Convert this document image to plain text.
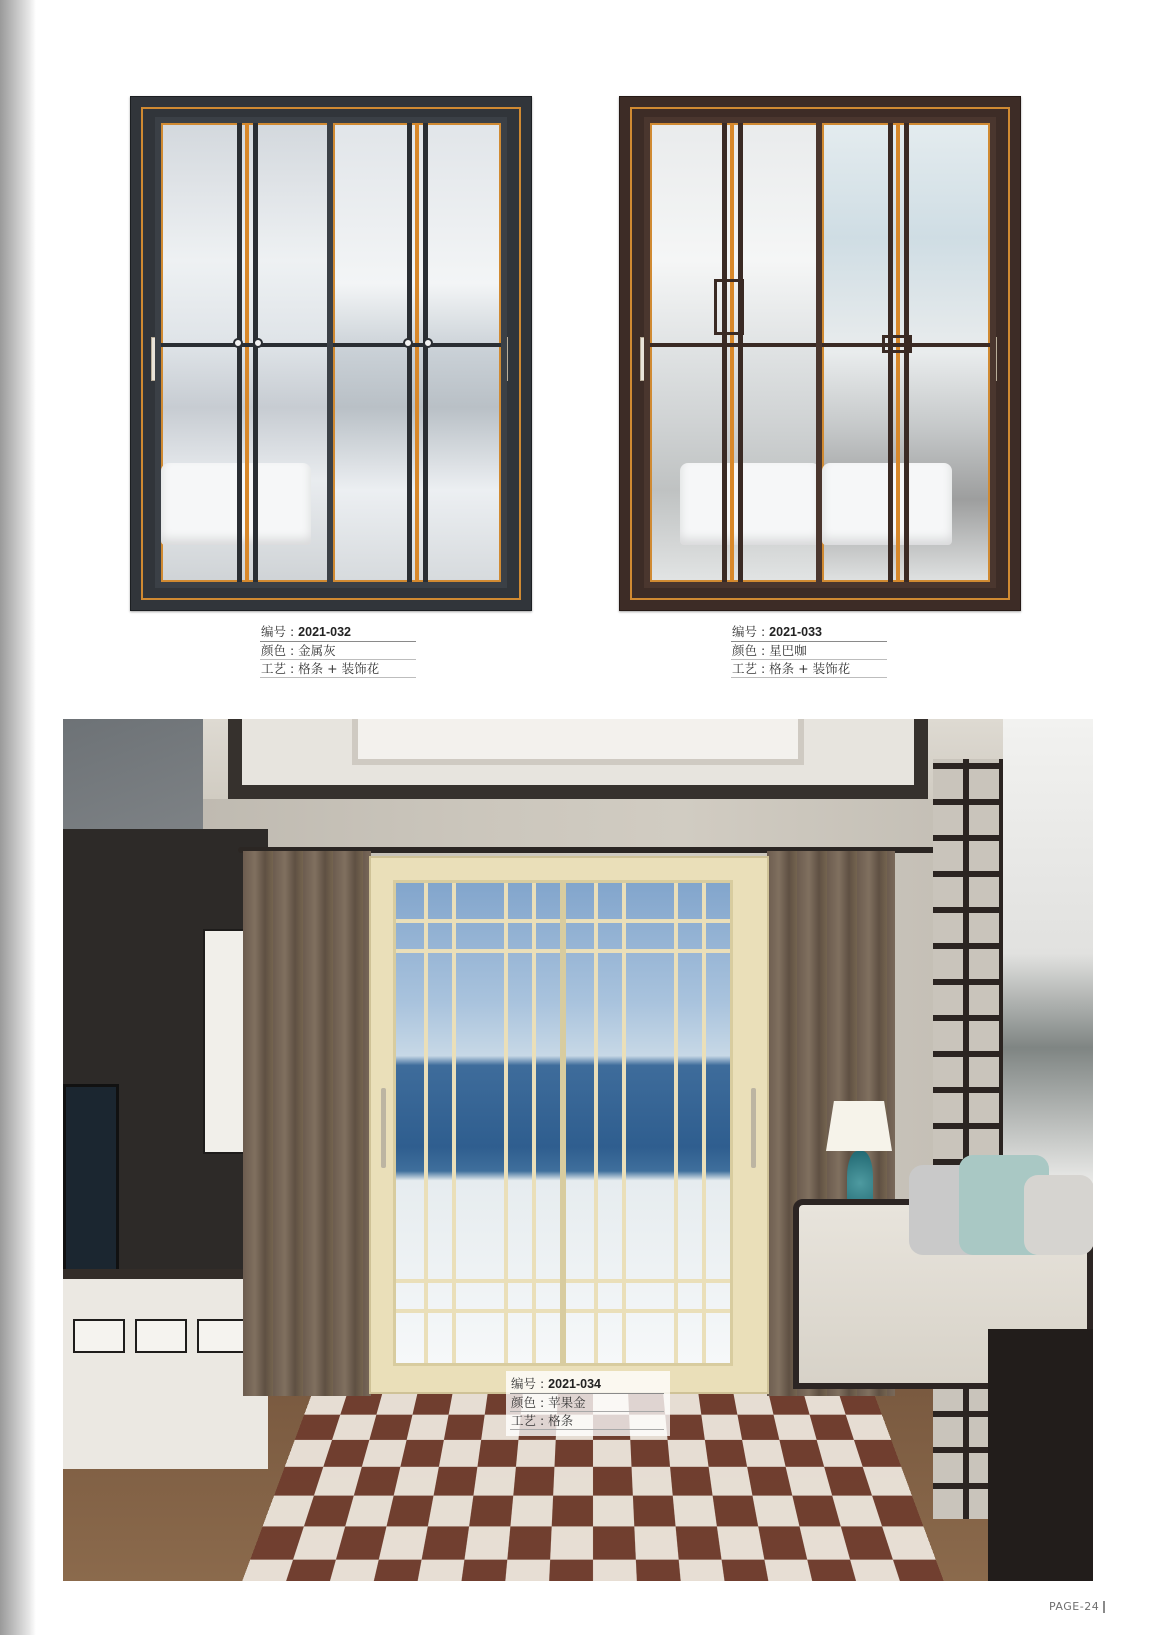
编号 : 2021-032
颜色 : 金属灰
工艺 : 格条 + 装饰花
编号 : 2021-033
颜色 : 星巴咖
工艺 : 格条 + 装饰花
编号 : 2021-034
颜色 : 苹果金
工艺 : 格条
PAGE-24
